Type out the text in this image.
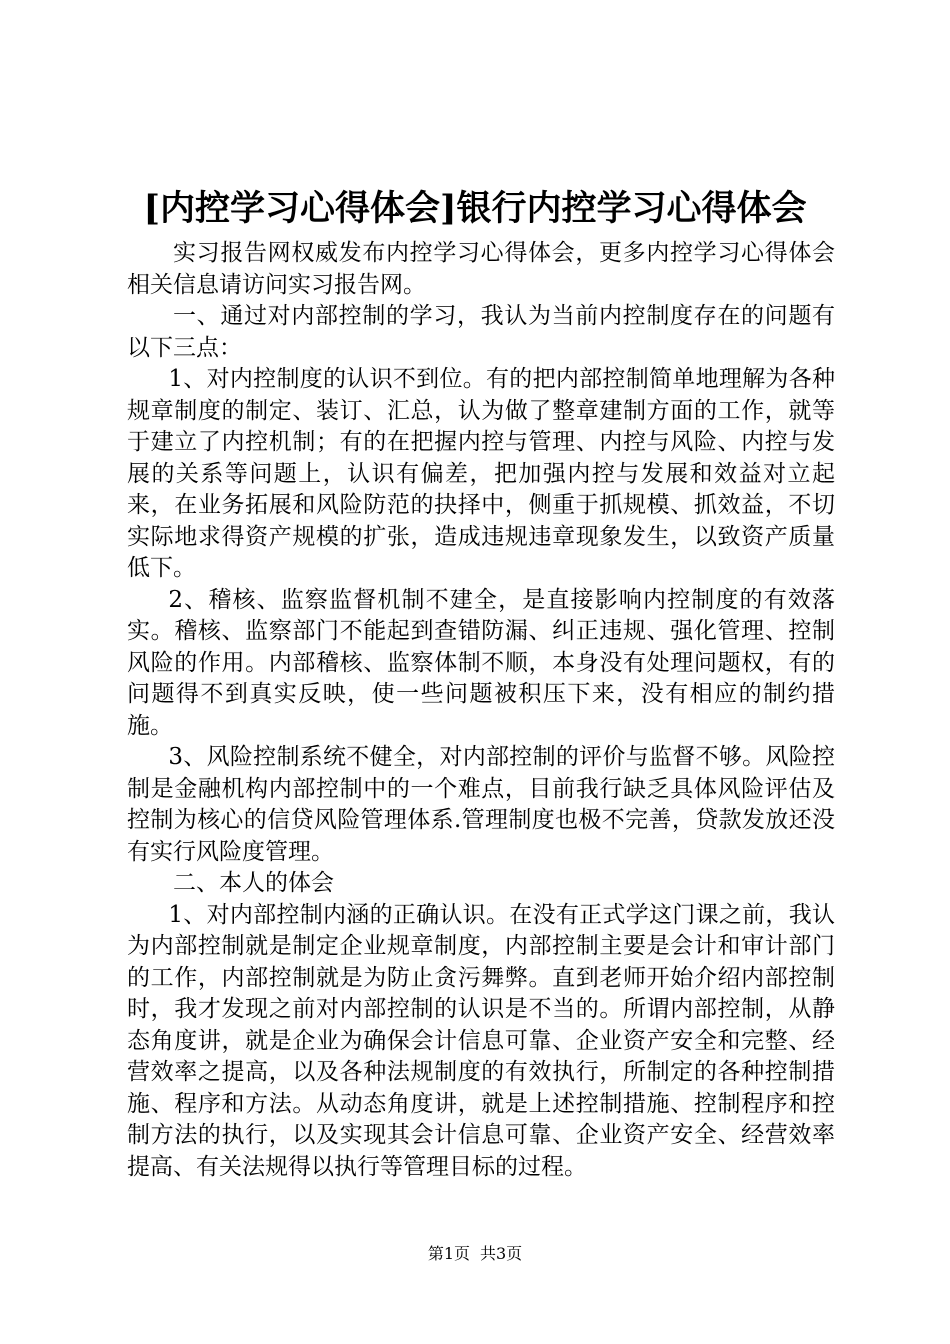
[内控学习心得体会]银行内控学习心得体会

实习报告网权威发布内控学习心得体会，更多内控学习心得体会相关信息请访问实习报告网。

一、通过对内部控制的学习，我认为当前内控制度存在的问题有以下三点：

1、对内控制度的认识不到位。有的把内部控制简单地理解为各种规章制度的制定、装订、汇总，认为做了整章建制方面的工作，就等于建立了内控机制；有的在把握内控与管理、内控与风险、内控与发展的关系等问题上，认识有偏差，把加强内控与发展和效益对立起来，在业务拓展和风险防范的抉择中，侧重于抓规模、抓效益，不切实际地求得资产规模的扩张，造成违规违章现象发生，以致资产质量低下。

2、稽核、监察监督机制不建全，是直接影响内控制度的有效落实。稽核、监察部门不能起到查错防漏、纠正违规、强化管理、控制风险的作用。内部稽核、监察体制不顺，本身没有处理问题权，有的问题得不到真实反映，使一些问题被积压下来，没有相应的制约措施。

3、风险控制系统不健全，对内部控制的评价与监督不够。风险控制是金融机构内部控制中的一个难点，目前我行缺乏具体风险评估及控制为核心的信贷风险管理体系.管理制度也极不完善，贷款发放还没有实行风险度管理。

二、本人的体会

1、对内部控制内涵的正确认识。在没有正式学这门课之前，我认为内部控制就是制定企业规章制度，内部控制主要是会计和审计部门的工作，内部控制就是为防止贪污舞弊。直到老师开始介绍内部控制时，我才发现之前对内部控制的认识是不当的。所谓内部控制，从静态角度讲，就是企业为确保会计信息可靠、企业资产安全和完整、经营效率之提高，以及各种法规制度的有效执行，所制定的各种控制措施、程序和方法。从动态角度讲，就是上述控制措施、控制程序和控制方法的执行，以及实现其会计信息可靠、企业资产安全、经营效率提高、有关法规得以执行等管理目标的过程。

第1页 共3页
